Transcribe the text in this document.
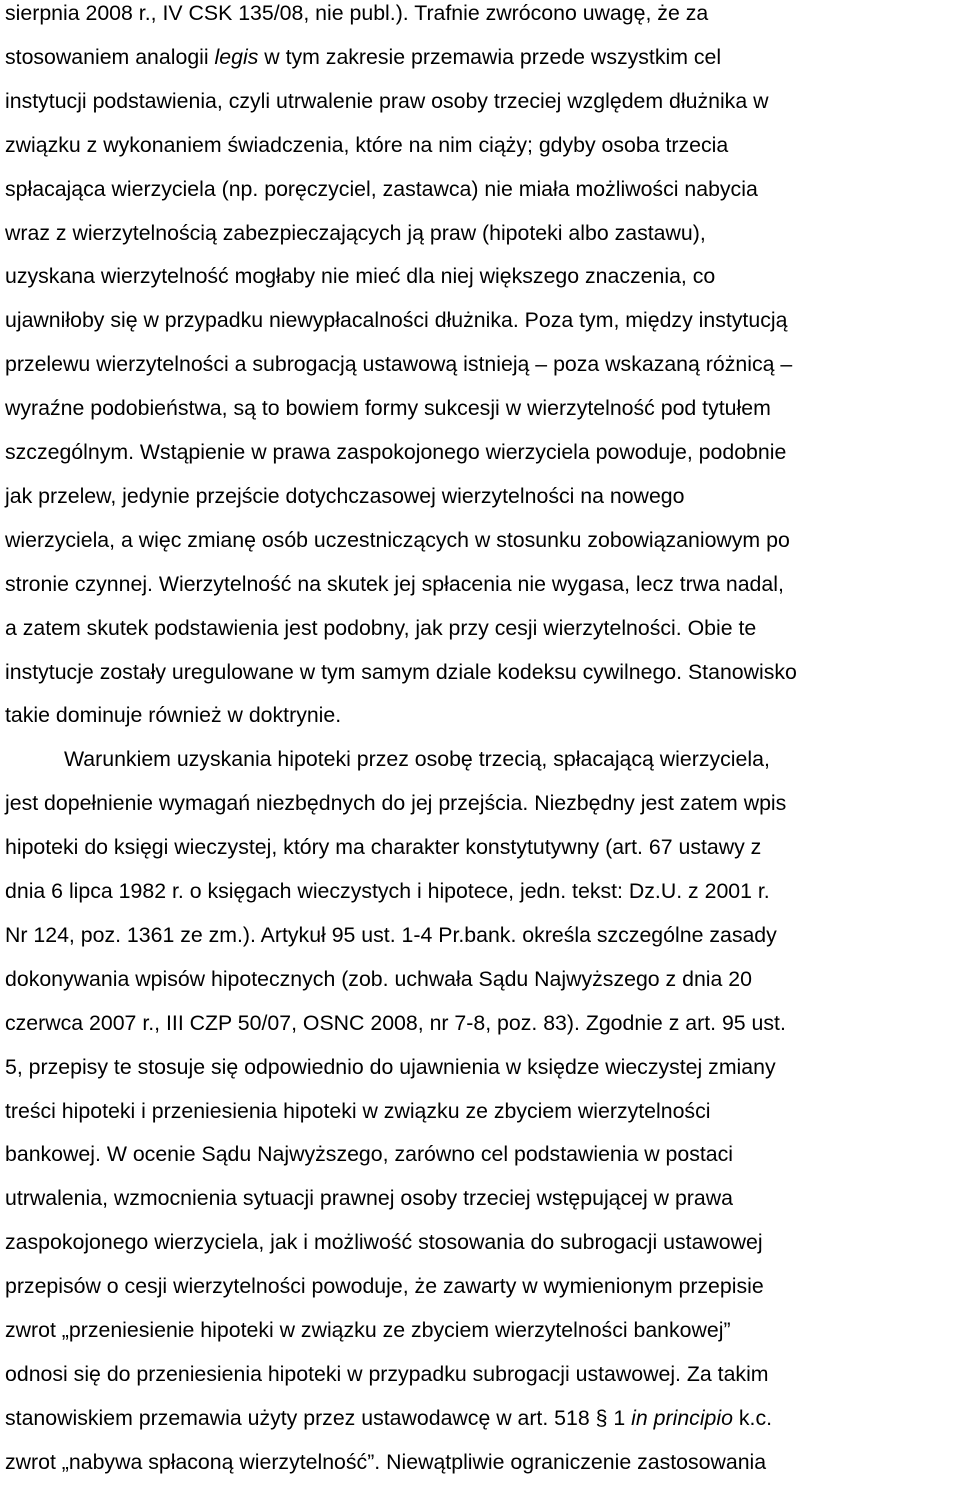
sierpnia 2008 r., IV CSK 135/08, nie publ.). Trafnie zwrócono uwagę, że za
stosowaniem analogii legis w tym zakresie przemawia przede wszystkim cel
instytucji podstawienia, czyli utrwalenie praw osoby trzeciej względem dłużnika w
związku z wykonaniem świadczenia, które na nim ciąży; gdyby osoba trzecia
spłacająca wierzyciela (np. poręczyciel, zastawca) nie miała możliwości nabycia
wraz z wierzytelnością zabezpieczających ją praw (hipoteki albo zastawu),
uzyskana wierzytelność mogłaby nie mieć dla niej większego znaczenia, co
ujawniłoby się w przypadku niewypłacalności dłużnika. Poza tym, między instytucją
przelewu wierzytelności a subrogacją ustawową istnieją – poza wskazaną różnicą –
wyraźne podobieństwa, są to bowiem formy sukcesji w wierzytelność pod tytułem
szczególnym. Wstąpienie w prawa zaspokojonego wierzyciela powoduje, podobnie
jak przelew, jedynie przejście dotychczasowej wierzytelności na nowego
wierzyciela, a więc zmianę osób uczestniczących w stosunku zobowiązaniowym po
stronie czynnej. Wierzytelność na skutek jej spłacenia nie wygasa, lecz trwa nadal,
a zatem skutek podstawienia jest podobny, jak przy cesji wierzytelności. Obie te
instytucje zostały uregulowane w tym samym dziale kodeksu cywilnego. Stanowisko
takie dominuje również w doktrynie.
Warunkiem uzyskania hipoteki przez osobę trzecią, spłacającą wierzyciela,
jest dopełnienie wymagań niezbędnych do jej przejścia. Niezbędny jest zatem wpis
hipoteki do księgi wieczystej, który ma charakter konstytutywny (art. 67 ustawy z
dnia 6 lipca 1982 r. o księgach wieczystych i hipotece, jedn. tekst: Dz.U. z 2001 r.
Nr 124, poz. 1361 ze zm.). Artykuł 95 ust. 1-4 Pr.bank. określa szczególne zasady
dokonywania wpisów hipotecznych (zob. uchwała Sądu Najwyższego z dnia 20
czerwca 2007 r., III CZP 50/07, OSNC 2008, nr 7-8, poz. 83). Zgodnie z art. 95 ust.
5, przepisy te stosuje się odpowiednio do ujawnienia w księdze wieczystej zmiany
treści hipoteki i przeniesienia hipoteki w związku ze zbyciem wierzytelności
bankowej. W ocenie Sądu Najwyższego, zarówno cel podstawienia w postaci
utrwalenia, wzmocnienia sytuacji prawnej osoby trzeciej wstępującej w prawa
zaspokojonego wierzyciela, jak i możliwość stosowania do subrogacji ustawowej
przepisów o cesji wierzytelności powoduje, że zawarty w wymienionym przepisie
zwrot „przeniesienie hipoteki w związku ze zbyciem wierzytelności bankowej”
odnosi się do przeniesienia hipoteki w przypadku subrogacji ustawowej. Za takim
stanowiskiem przemawia użyty przez ustawodawcę w art. 518 § 1 in principio k.c.
zwrot „nabywa spłaconą wierzytelność”. Niewątpliwie ograniczenie zastosowania
